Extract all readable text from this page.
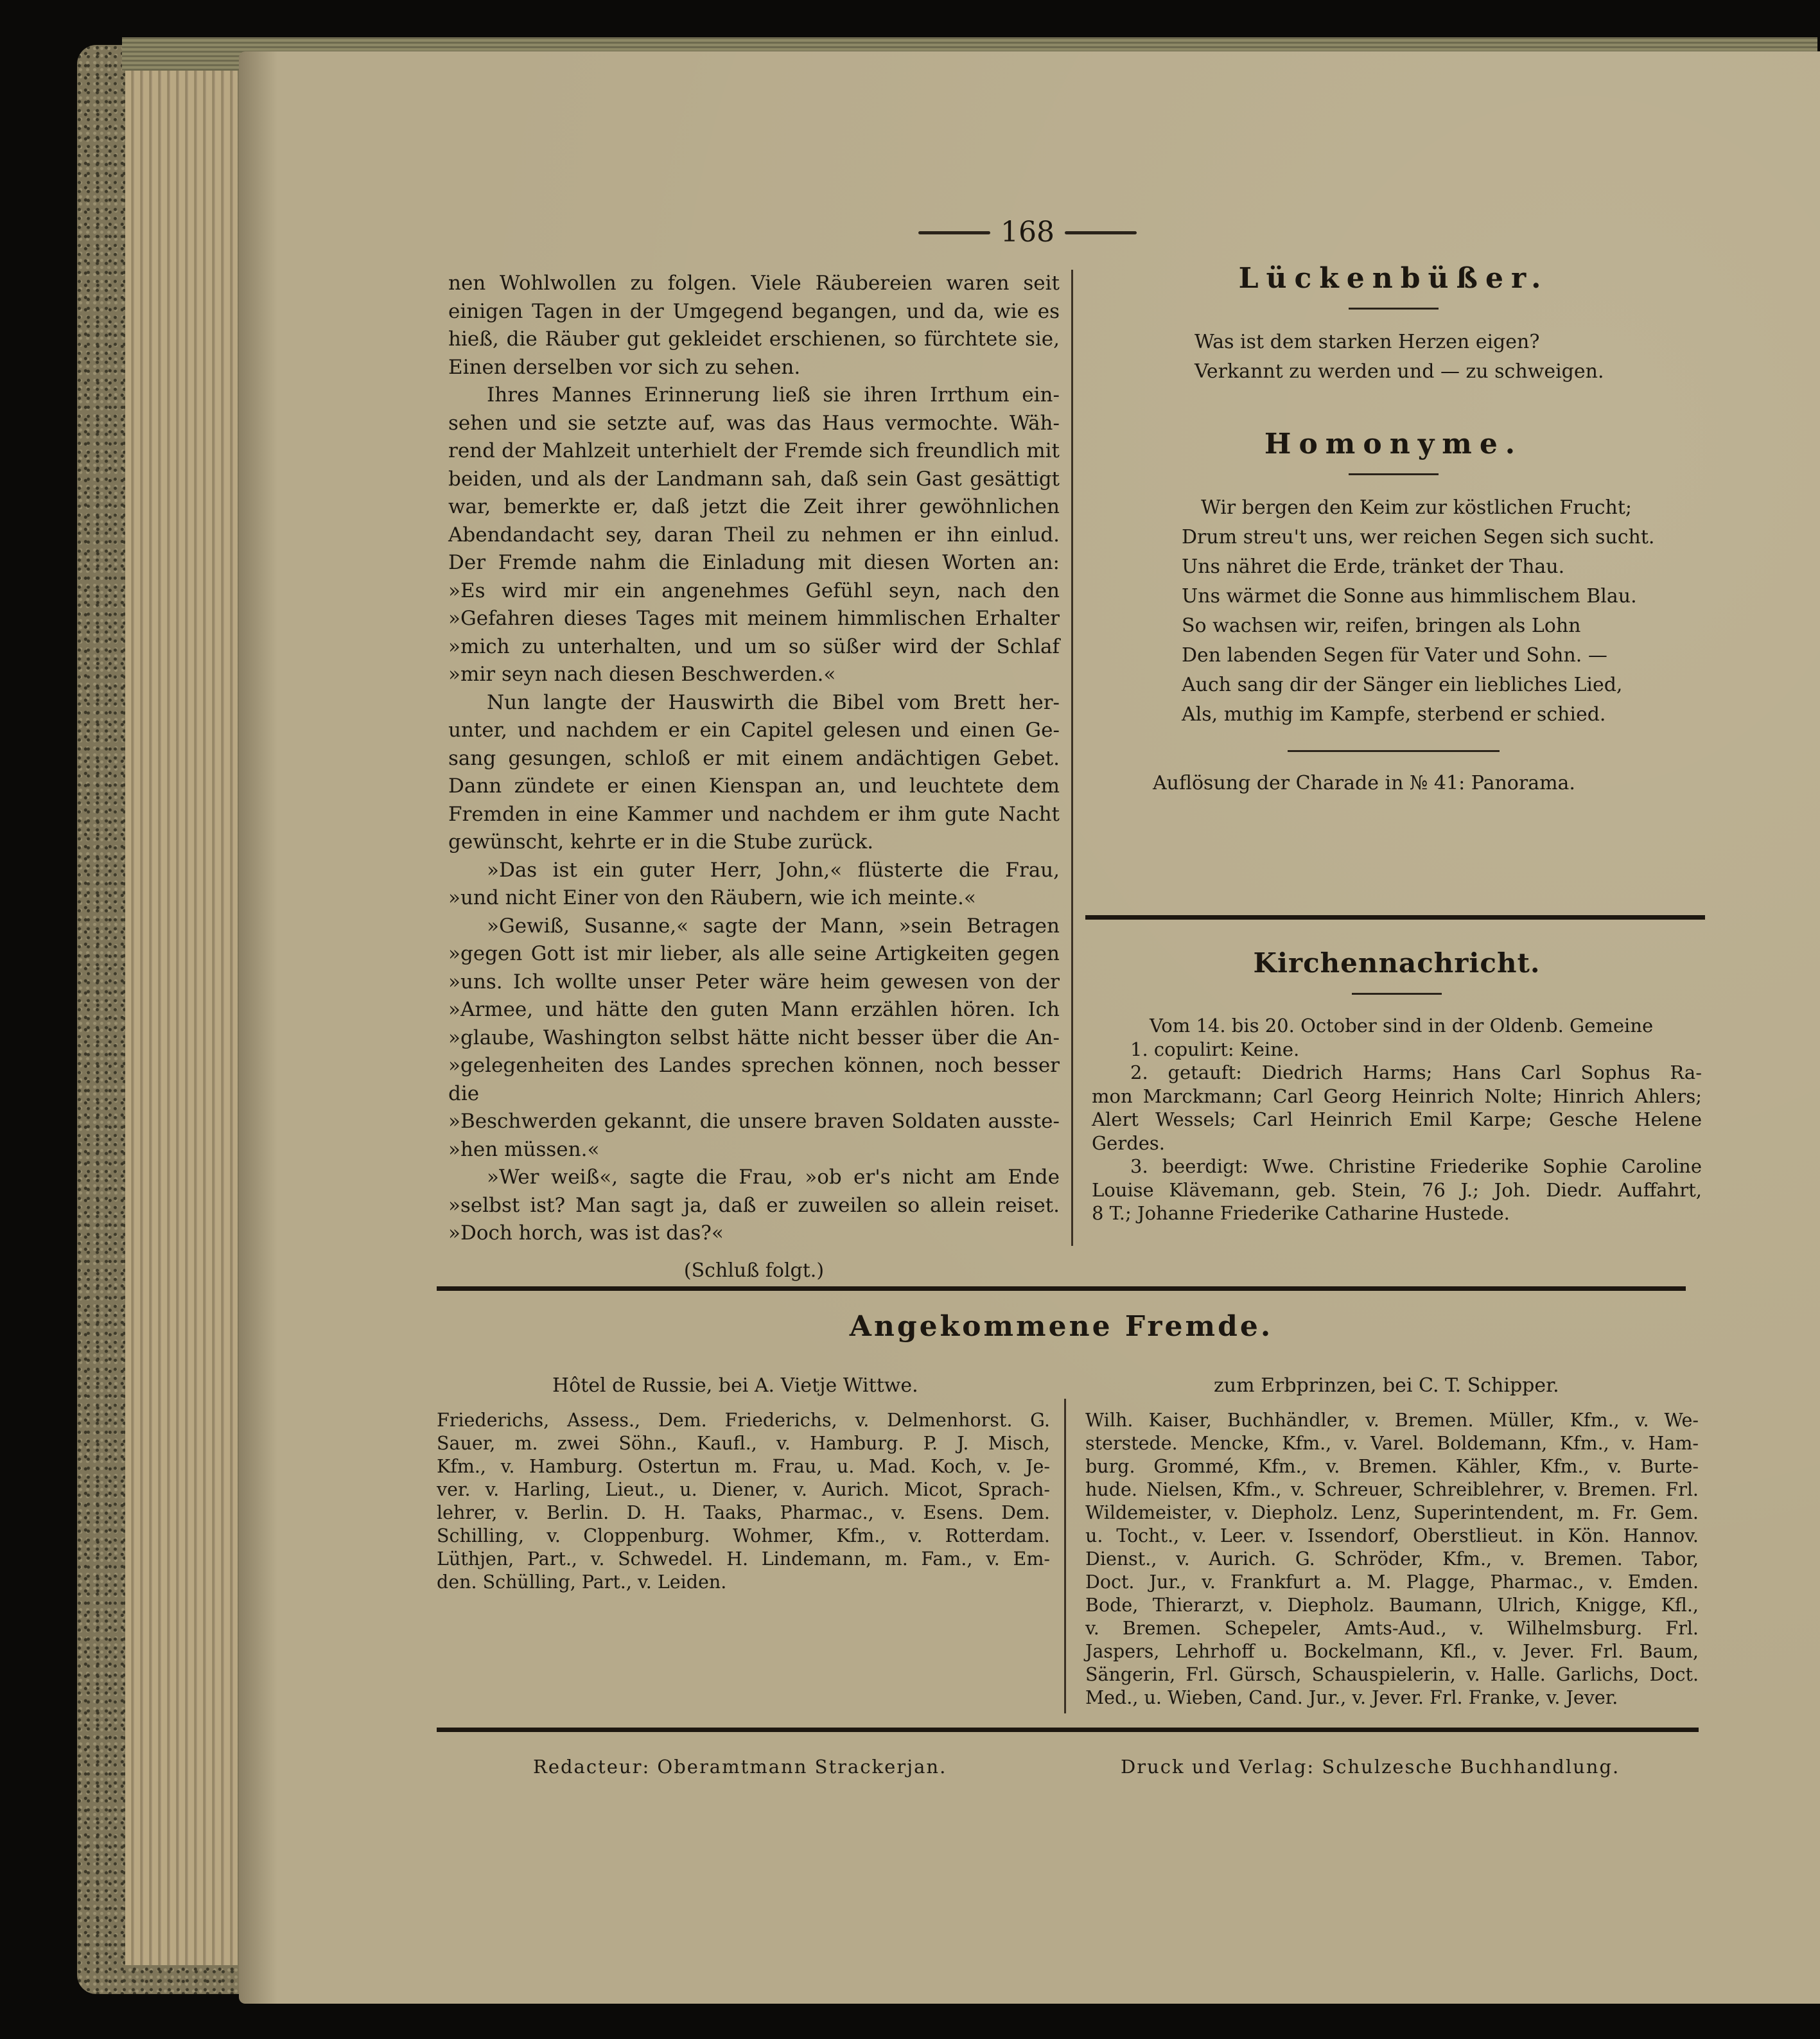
168

nen Wohlwollen zu folgen. Viele Räubereien waren seit

einigen Tagen in der Umgegend begangen, und da, wie es

hieß, die Räuber gut gekleidet erschienen, so fürchtete sie,

Einen derselben vor sich zu sehen.

Ihres Mannes Erinnerung ließ sie ihren Irrthum ein-

sehen und sie setzte auf, was das Haus vermochte. Wäh-

rend der Mahlzeit unterhielt der Fremde sich freundlich mit

beiden, und als der Landmann sah, daß sein Gast gesättigt

war, bemerkte er, daß jetzt die Zeit ihrer gewöhnlichen

Abendandacht sey, daran Theil zu nehmen er ihn einlud.

Der Fremde nahm die Einladung mit diesen Worten an:

»Es wird mir ein angenehmes Gefühl seyn, nach den

»Gefahren dieses Tages mit meinem himmlischen Erhalter

»mich zu unterhalten, und um so süßer wird der Schlaf

»mir seyn nach diesen Beschwerden.«

Nun langte der Hauswirth die Bibel vom Brett her-

unter, und nachdem er ein Capitel gelesen und einen Ge-

sang gesungen, schloß er mit einem andächtigen Gebet.

Dann zündete er einen Kienspan an, und leuchtete dem

Fremden in eine Kammer und nachdem er ihm gute Nacht

gewünscht, kehrte er in die Stube zurück.

»Das ist ein guter Herr, John,« flüsterte die Frau,

»und nicht Einer von den Räubern, wie ich meinte.«

»Gewiß, Susanne,« sagte der Mann, »sein Betragen

»gegen Gott ist mir lieber, als alle seine Artigkeiten gegen

»uns. Ich wollte unser Peter wäre heim gewesen von der

»Armee, und hätte den guten Mann erzählen hören. Ich

»glaube, Washington selbst hätte nicht besser über die An-

»gelegenheiten des Landes sprechen können, noch besser die

»Beschwerden gekannt, die unsere braven Soldaten ausste-

»hen müssen.«

»Wer weiß«, sagte die Frau, »ob er's nicht am Ende

»selbst ist? Man sagt ja, daß er zuweilen so allein reiset.

»Doch horch, was ist das?«

(Schluß folgt.)
Lückenbüßer.
Was ist dem starken Herzen eigen?
Verkannt zu werden und — zu schweigen.
Homonyme.
Wir bergen den Keim zur köstlichen Frucht;
Drum streu't uns, wer reichen Segen sich sucht.
Uns nähret die Erde, tränket der Thau.
Uns wärmet die Sonne aus himmlischem Blau.
So wachsen wir, reifen, bringen als Lohn
Den labenden Segen für Vater und Sohn. —
Auch sang dir der Sänger ein liebliches Lied,
Als, muthig im Kampfe, sterbend er schied.
Auflösung der Charade in № 41: Panorama.
Kirchennachricht.

Vom 14. bis 20. October sind in der Oldenb. Gemeine

1. copulirt: Keine.

2. getauft: Diedrich Harms; Hans Carl Sophus Ra-

mon Marckmann; Carl Georg Heinrich Nolte; Hinrich Ahlers;

Alert Wessels; Carl Heinrich Emil Karpe; Gesche Helene

Gerdes.

3. beerdigt: Wwe. Christine Friederike Sophie Caroline

Louise Klävemann, geb. Stein, 76 J.; Joh. Diedr. Auffahrt,

8 T.; Johanne Friederike Catharine Hustede.

Angekommene Fremde.
Hôtel de Russie, bei A. Vietje Wittwe.	zum Erbprinzen, bei C. T. Schipper.

Friederichs, Assess., Dem. Friederichs, v. Delmenhorst. G.

Sauer, m. zwei Söhn., Kaufl., v. Hamburg. P. J. Misch,

Kfm., v. Hamburg. Ostertun m. Frau, u. Mad. Koch, v. Je-

ver. v. Harling, Lieut., u. Diener, v. Aurich. Micot, Sprach-

lehrer, v. Berlin. D. H. Taaks, Pharmac., v. Esens. Dem.

Schilling, v. Cloppenburg. Wohmer, Kfm., v. Rotterdam.

Lüthjen, Part., v. Schwedel. H. Lindemann, m. Fam., v. Em-

den. Schülling, Part., v. Leiden.

Wilh. Kaiser, Buchhändler, v. Bremen. Müller, Kfm., v. We-

sterstede. Mencke, Kfm., v. Varel. Boldemann, Kfm., v. Ham-

burg. Grommé, Kfm., v. Bremen. Kähler, Kfm., v. Burte-

hude. Nielsen, Kfm., v. Schreuer, Schreiblehrer, v. Bremen. Frl.

Wildemeister, v. Diepholz. Lenz, Superintendent, m. Fr. Gem.

u. Tocht., v. Leer. v. Issendorf, Oberstlieut. in Kön. Hannov.

Dienst., v. Aurich. G. Schröder, Kfm., v. Bremen. Tabor,

Doct. Jur., v. Frankfurt a. M. Plagge, Pharmac., v. Emden.

Bode, Thierarzt, v. Diepholz. Baumann, Ulrich, Knigge, Kfl.,

v. Bremen. Schepeler, Amts-Aud., v. Wilhelmsburg. Frl.

Jaspers, Lehrhoff u. Bockelmann, Kfl., v. Jever. Frl. Baum,

Sängerin, Frl. Gürsch, Schauspielerin, v. Halle. Garlichs, Doct.

Med., u. Wieben, Cand. Jur., v. Jever. Frl. Franke, v. Jever.

Redacteur: Oberamtmann Strackerjan.	Druck und Verlag: Schulzesche Buchhandlung.
